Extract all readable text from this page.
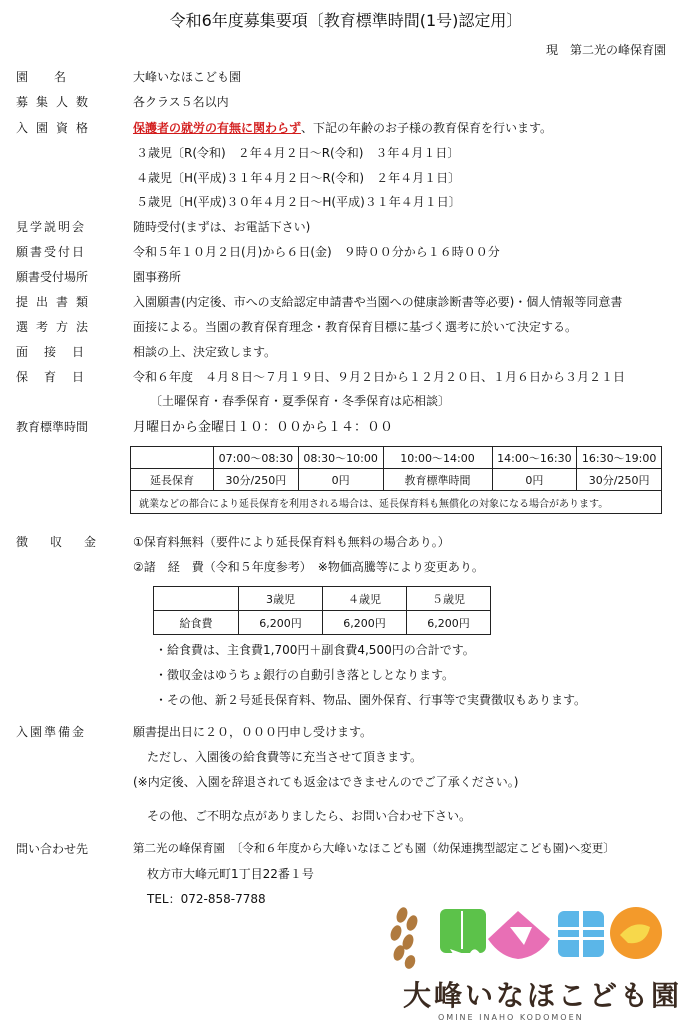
令和6年度募集要項〔教育標準時間(1号)認定用〕
現　第二光の峰保育園
園名	大峰いなほこども園
募集人数	各クラス５名以内
入園資格	保護者の就労の有無に関わらず、下記の年齢のお子様の教育保育を行います。
３歳児〔R(令和)　２年４月２日～R(令和)　３年４月１日〕
４歳児〔H(平成)３１年４月２日～R(令和)　２年４月１日〕
５歳児〔H(平成)３０年４月２日～H(平成)３１年４月１日〕
見学説明会	随時受付(まずは、お電話下さい)
願書受付日	令和５年１０月２日(月)から６日(金)　９時００分から１６時００分
願書受付場所	園事務所
提出書類	入園願書(内定後、市への支給認定申請書や当園への健康診断書等必要)・個人情報等同意書
選考方法	面接による。当園の教育保育理念・教育保育目標に基づく選考に於いて決定する。
面接日	相談の上、決定致します。
保育日	令和６年度　４月８日～７月１９日、９月２日から１２月２０日、１月６日から３月２１日
〔土曜保育・春季保育・夏季保育・冬季保育は応相談〕
教育標準時間	月曜日から金曜日１０：００から１４：００
	07:00～08:30	08:30～10:00	10:00～14:00	14:00～16:30	16:30～19:00
延長保育	30分/250円	0円	教育標準時間	0円	30分/250円
就業などの都合により延長保育を利用される場合は、延長保育料も無償化の対象になる場合があります。					
徴収金 ①保育料無料（要件により延長保育料も無料の場合あり。）
②諸　経　費（令和５年度参考）　※物価高騰等により変更あり。
	3歳児	４歳児	５歳児
給食費	6,200円	6,200円	6,200円
・給食費は、主食費1,700円＋副食費4,500円の合計です。
・徴収金はゆうちょ銀行の自動引き落としとなります。
・その他、新２号延長保育料、物品、園外保育、行事等で実費徴収もあります。
入園準備金	願書提出日に２０，０００円申し受けます。
ただし、入園後の給食費等に充当させて頂きます。
(※内定後、入園を辞退されても返金はできませんのでご了承ください。)
その他、ご不明な点がありましたら、お問い合わせ下さい。
問い合わせ先	第二光の峰保育園　〔令和６年度から大峰いなほこども園（幼保連携型認定こども園)へ変更〕
枚方市大峰元町1丁目22番１号
TEL：072-858-7788
大峰いなほこども園
OMINE INAHO KODOMOEN
